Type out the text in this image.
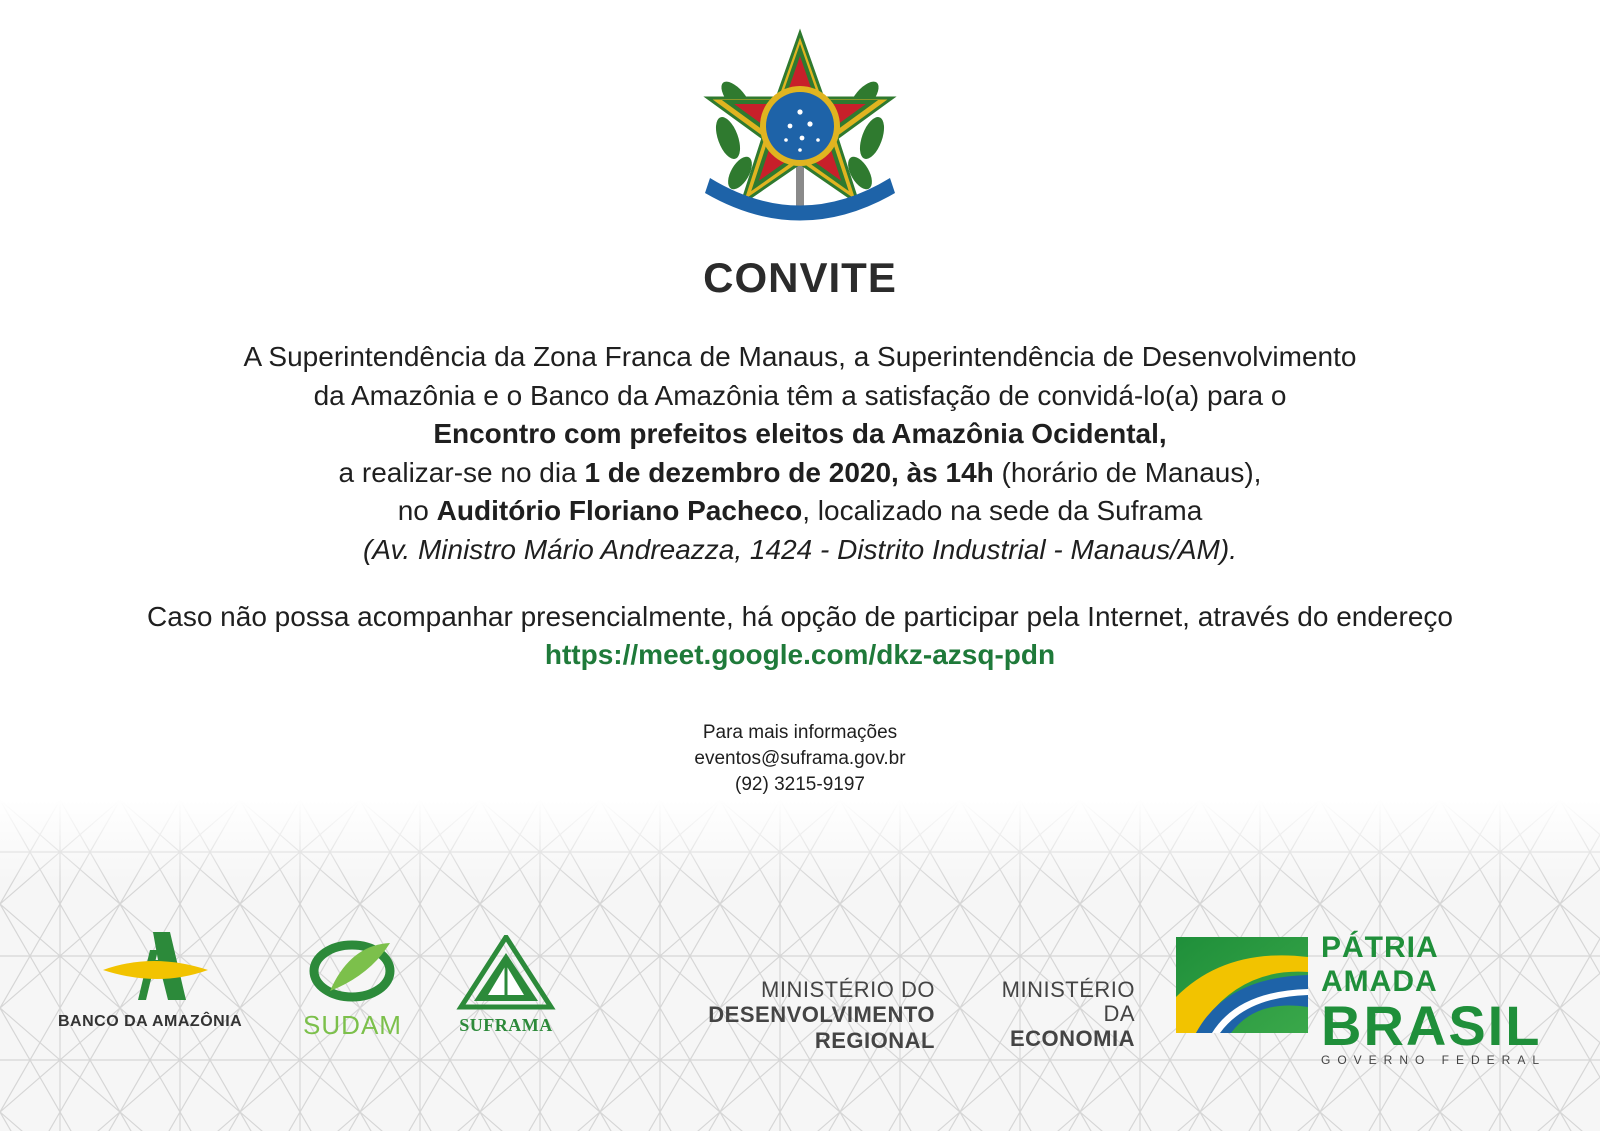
CONVITE
A Superintendência da Zona Franca de Manaus, a Superintendência de Desenvolvimento
da Amazônia e o Banco da Amazônia têm a satisfação de convidá-lo(a) para o
Encontro com prefeitos eleitos da Amazônia Ocidental,
a realizar-se no dia 1 de dezembro de 2020, às 14h (horário de Manaus),
no Auditório Floriano Pacheco, localizado na sede da Suframa
(Av. Ministro Mário Andreazza, 1424 - Distrito Industrial - Manaus/AM).
Caso não possa acompanhar presencialmente, há opção de participar pela Internet, através do endereço
https://meet.google.com/dkz-azsq-pdn
Para mais informações
eventos@suframa.gov.br
(92) 3215-9197
BANCO DA AMAZÔNIA	SUDAM	SUFRAMA
MINISTÉRIO DO
DESENVOLVIMENTO REGIONAL
MINISTÉRIO DA
ECONOMIA
PÁTRIA AMADA
BRASIL
GOVERNO FEDERAL
